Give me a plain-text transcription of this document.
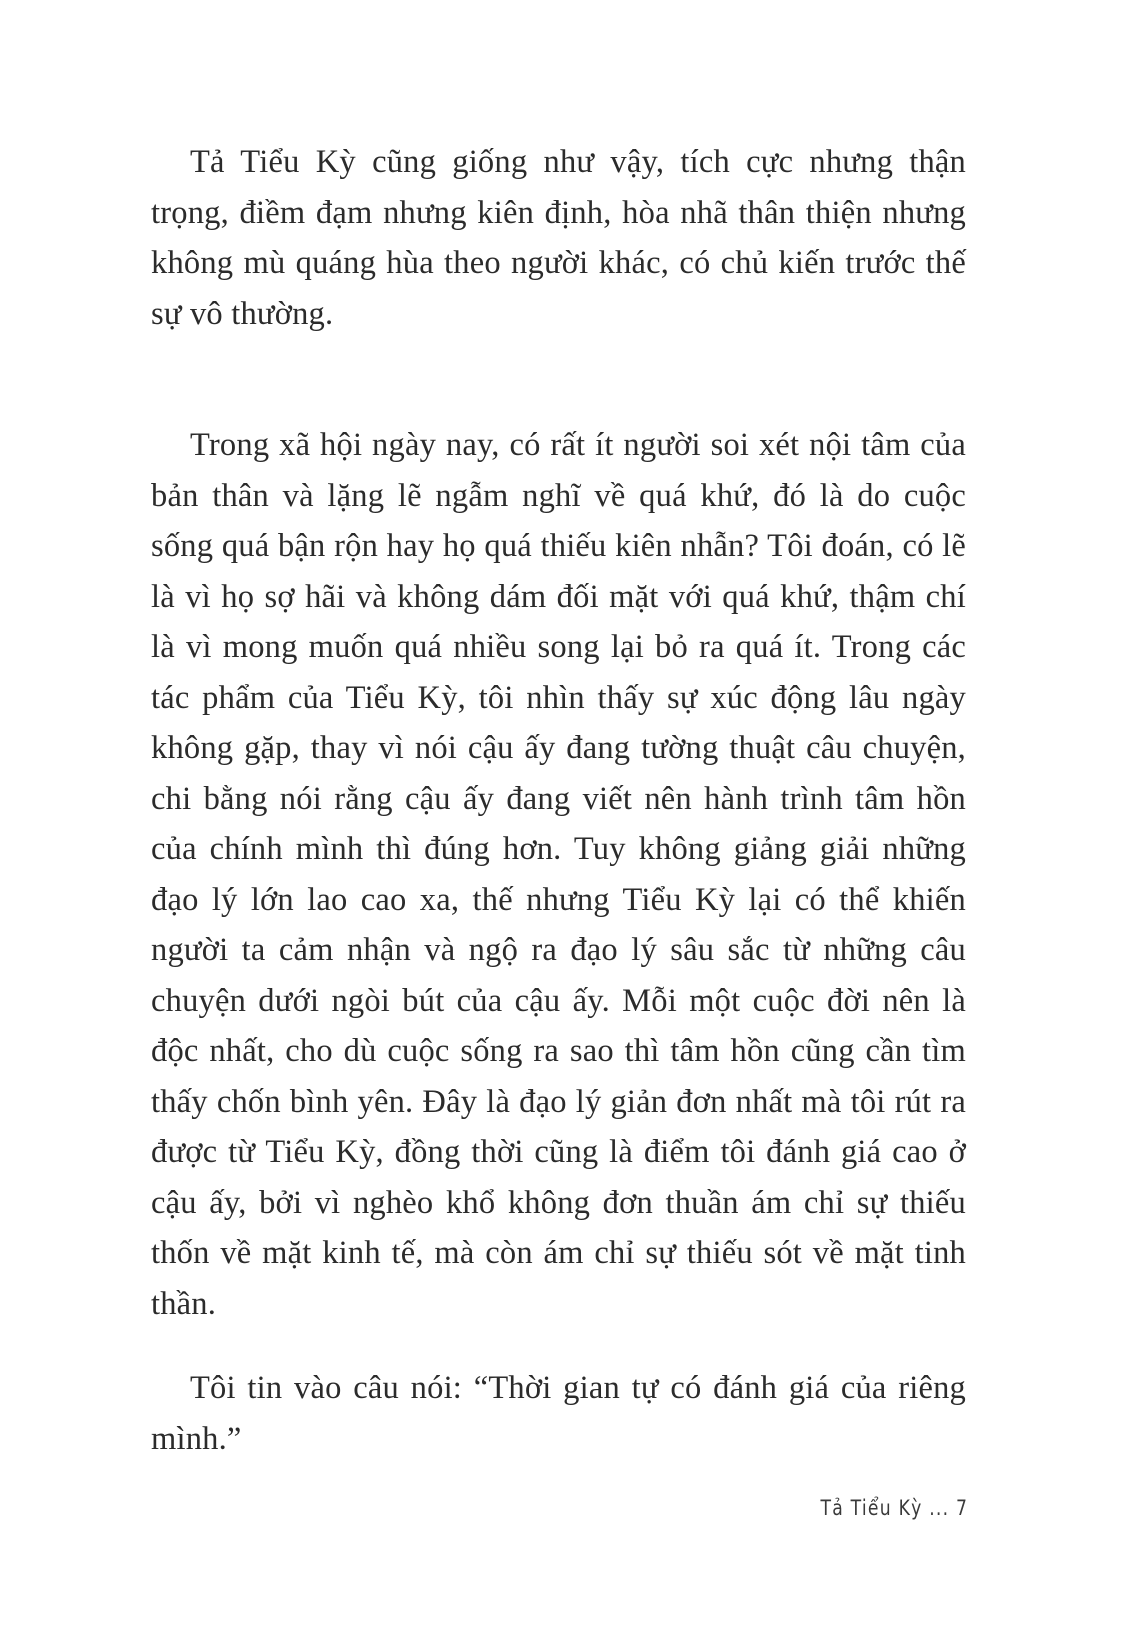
Tả Tiểu Kỳ cũng giống như vậy, tích cực nhưng thận trọng, điềm đạm nhưng kiên định, hòa nhã thân thiện nhưng không mù quáng hùa theo người khác, có chủ kiến trước thế sự vô thường.

Trong xã hội ngày nay, có rất ít người soi xét nội tâm của bản thân và lặng lẽ ngẫm nghĩ về quá khứ, đó là do cuộc sống quá bận rộn hay họ quá thiếu kiên nhẫn? Tôi đoán, có lẽ là vì họ sợ hãi và không dám đối mặt với quá khứ, thậm chí là vì mong muốn quá nhiều song lại bỏ ra quá ít. Trong các tác phẩm của Tiểu Kỳ, tôi nhìn thấy sự xúc động lâu ngày không gặp, thay vì nói cậu ấy đang tường thuật câu chuyện, chi bằng nói rằng cậu ấy đang viết nên hành trình tâm hồn của chính mình thì đúng hơn. Tuy không giảng giải những đạo lý lớn lao cao xa, thế nhưng Tiểu Kỳ lại có thể khiến người ta cảm nhận và ngộ ra đạo lý sâu sắc từ những câu chuyện dưới ngòi bút của cậu ấy. Mỗi một cuộc đời nên là độc nhất, cho dù cuộc sống ra sao thì tâm hồn cũng cần tìm thấy chốn bình yên. Đây là đạo lý giản đơn nhất mà tôi rút ra được từ Tiểu Kỳ, đồng thời cũng là điểm tôi đánh giá cao ở cậu ấy, bởi vì nghèo khổ không đơn thuần ám chỉ sự thiếu thốn về mặt kinh tế, mà còn ám chỉ sự thiếu sót về mặt tinh thần.

Tôi tin vào câu nói: “Thời gian tự có đánh giá của riêng mình.”

Tả Tiểu Kỳ ... 7
